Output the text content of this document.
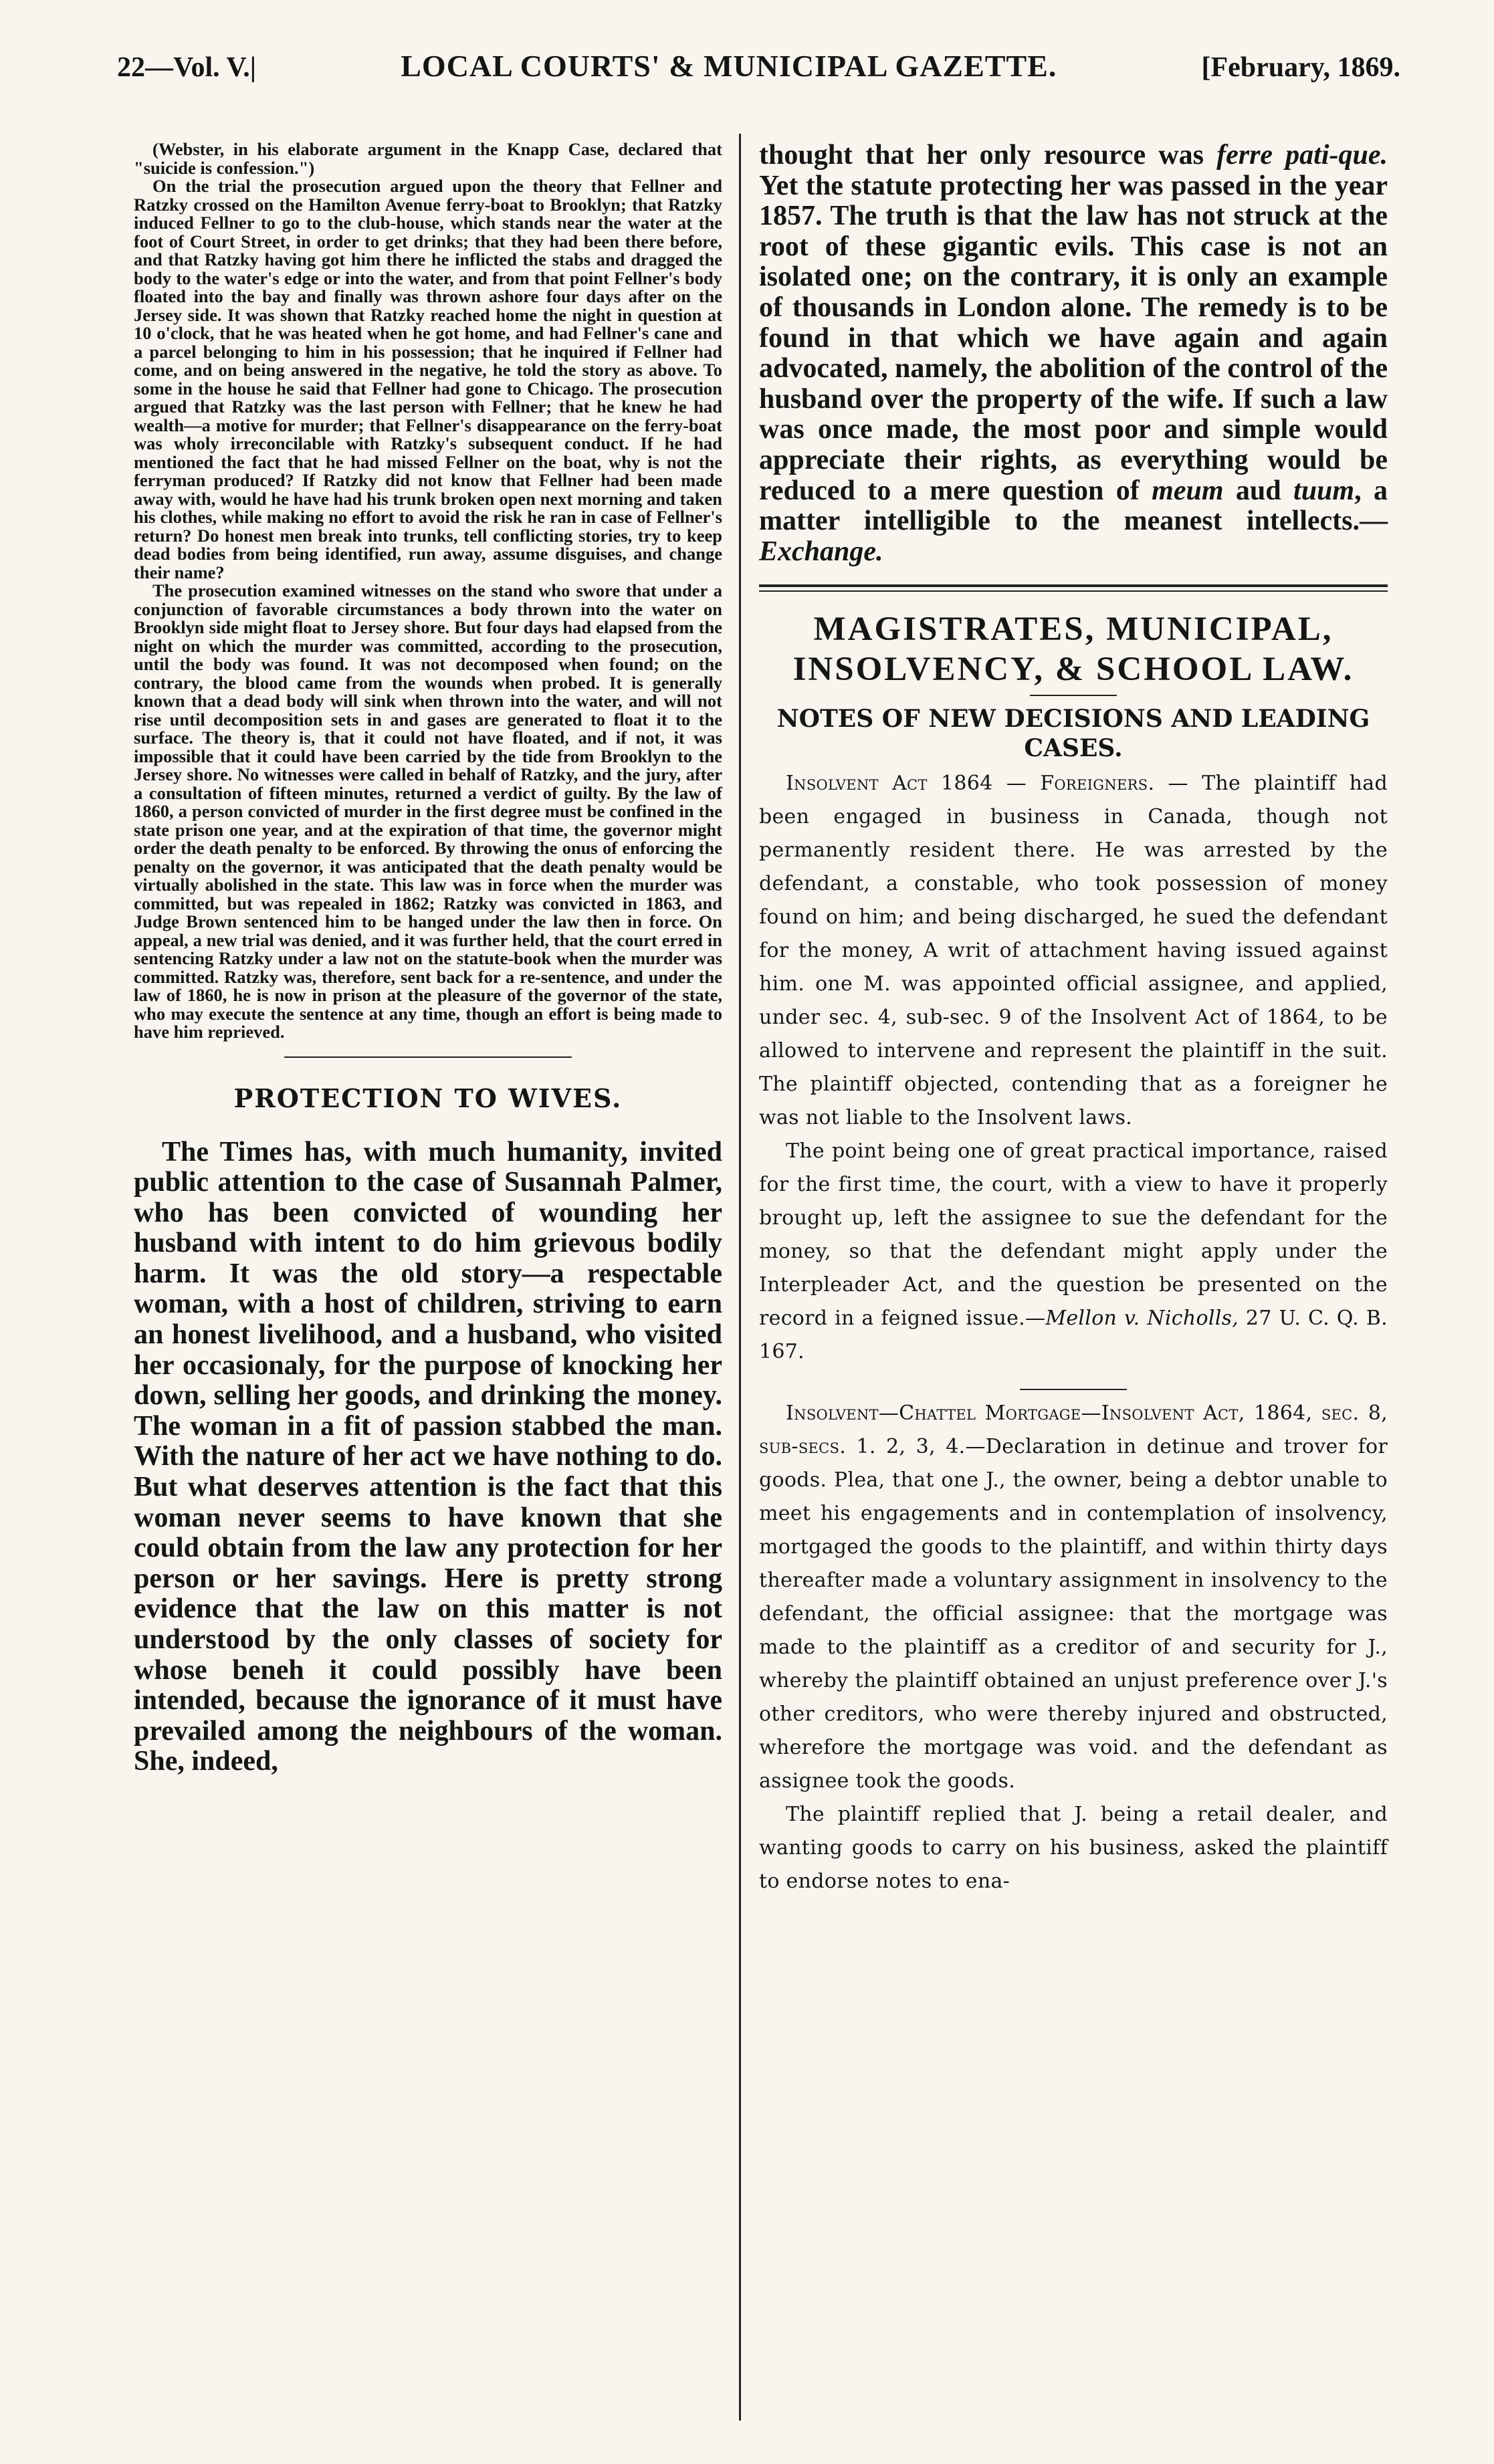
22—Vol. V.|	LOCAL COURTS' & MUNICIPAL GAZETTE.	[February, 1869.

(Webster, in his elaborate argument in the Knapp Case, declared that "suicide is confession.")

On the trial the prosecution argued upon the theory that Fellner and Ratzky crossed on the Hamilton Avenue ferry-boat to Brooklyn; that Ratzky induced Fellner to go to the club-house, which stands near the water at the foot of Court Street, in order to get drinks; that they had been there before, and that Ratzky having got him there he inflicted the stabs and dragged the body to the water's edge or into the water, and from that point Fellner's body floated into the bay and finally was thrown ashore four days after on the Jersey side. It was shown that Ratzky reached home the night in question at 10 o'clock, that he was heated when he got home, and had Fellner's cane and a parcel belonging to him in his possession; that he inquired if Fellner had come, and on being answered in the negative, he told the story as above. To some in the house he said that Fellner had gone to Chicago. The prosecution argued that Ratzky was the last person with Fellner; that he knew he had wealth—a motive for murder; that Fellner's disappearance on the ferry-boat was wholy irreconcilable with Ratzky's subsequent conduct. If he had mentioned the fact that he had missed Fellner on the boat, why is not the ferryman produced? If Ratzky did not know that Fellner had been made away with, would he have had his trunk broken open next morning and taken his clothes, while making no effort to avoid the risk he ran in case of Fellner's return? Do honest men break into trunks, tell conflicting stories, try to keep dead bodies from being identified, run away, assume disguises, and change their name?

The prosecution examined witnesses on the stand who swore that under a conjunction of favorable circumstances a body thrown into the water on Brooklyn side might float to Jersey shore. But four days had elapsed from the night on which the murder was committed, according to the prosecution, until the body was found. It was not decomposed when found; on the contrary, the blood came from the wounds when probed. It is generally known that a dead body will sink when thrown into the water, and will not rise until decomposition sets in and gases are generated to float it to the surface. The theory is, that it could not have floated, and if not, it was impossible that it could have been carried by the tide from Brooklyn to the Jersey shore. No witnesses were called in behalf of Ratzky, and the jury, after a consultation of fifteen minutes, returned a verdict of guilty. By the law of 1860, a person convicted of murder in the first degree must be confined in the state prison one year, and at the expiration of that time, the governor might order the death penalty to be enforced. By throwing the onus of enforcing the penalty on the governor, it was anticipated that the death penalty would be virtually abolished in the state. This law was in force when the murder was committed, but was repealed in 1862; Ratzky was convicted in 1863, and Judge Brown sentenced him to be hanged under the law then in force. On appeal, a new trial was denied, and it was further held, that the court erred in sentencing Ratzky under a law not on the statute-book when the murder was committed. Ratzky was, therefore, sent back for a re-sentence, and under the law of 1860, he is now in prison at the pleasure of the governor of the state, who may execute the sentence at any time, though an effort is being made to have him reprieved.

PROTECTION TO WIVES.

The Times has, with much humanity, invited public attention to the case of Susannah Palmer, who has been convicted of wounding her husband with intent to do him grievous bodily harm. It was the old story—a respectable woman, with a host of children, striving to earn an honest livelihood, and a husband, who visited her occasionaly, for the purpose of knocking her down, selling her goods, and drinking the money. The woman in a fit of passion stabbed the man. With the nature of her act we have nothing to do. But what deserves attention is the fact that this woman never seems to have known that she could obtain from the law any protection for her person or her savings. Here is pretty strong evidence that the law on this matter is not understood by the only classes of society for whose beneh it could possibly have been intended, because the ignorance of it must have prevailed among the neighbours of the woman. She, indeed,

thought that her only resource was ferre pati-que. Yet the statute protecting her was passed in the year 1857. The truth is that the law has not struck at the root of these gigantic evils. This case is not an isolated one; on the contrary, it is only an example of thousands in London alone. The remedy is to be found in that which we have again and again advocated, namely, the abolition of the control of the husband over the property of the wife. If such a law was once made, the most poor and simple would appreciate their rights, as everything would be reduced to a mere question of meum aud tuum, a matter intelligible to the meanest intellects.—Exchange.

MAGISTRATES, MUNICIPAL,
INSOLVENCY, & SCHOOL LAW.
NOTES OF NEW DECISIONS AND LEADING CASES.

Insolvent Act 1864 — Foreigners. — The plaintiff had been engaged in business in Canada, though not permanently resident there. He was arrested by the defendant, a constable, who took possession of money found on him; and being discharged, he sued the defendant for the money, A writ of attachment having issued against him. one M. was appointed official assignee, and applied, under sec. 4, sub-sec. 9 of the Insolvent Act of 1864, to be allowed to intervene and represent the plaintiff in the suit. The plaintiff objected, contending that as a foreigner he was not liable to the Insolvent laws.

The point being one of great practical importance, raised for the first time, the court, with a view to have it properly brought up, left the assignee to sue the defendant for the money, so that the defendant might apply under the Interpleader Act, and the question be presented on the record in a feigned issue.—Mellon v. Nicholls, 27 U. C. Q. B. 167.

Insolvent—Chattel Mortgage—Insolvent Act, 1864, sec. 8, sub-secs. 1. 2, 3, 4.—Declaration in detinue and trover for goods. Plea, that one J., the owner, being a debtor unable to meet his engagements and in contemplation of insolvency, mortgaged the goods to the plaintiff, and within thirty days thereafter made a voluntary assignment in insolvency to the defendant, the official assignee: that the mortgage was made to the plaintiff as a creditor of and security for J., whereby the plaintiff obtained an unjust preference over J.'s other creditors, who were thereby injured and obstructed, wherefore the mortgage was void. and the defendant as assignee took the goods.

The plaintiff replied that J. being a retail dealer, and wanting goods to carry on his business, asked the plaintiff to endorse notes to ena-
